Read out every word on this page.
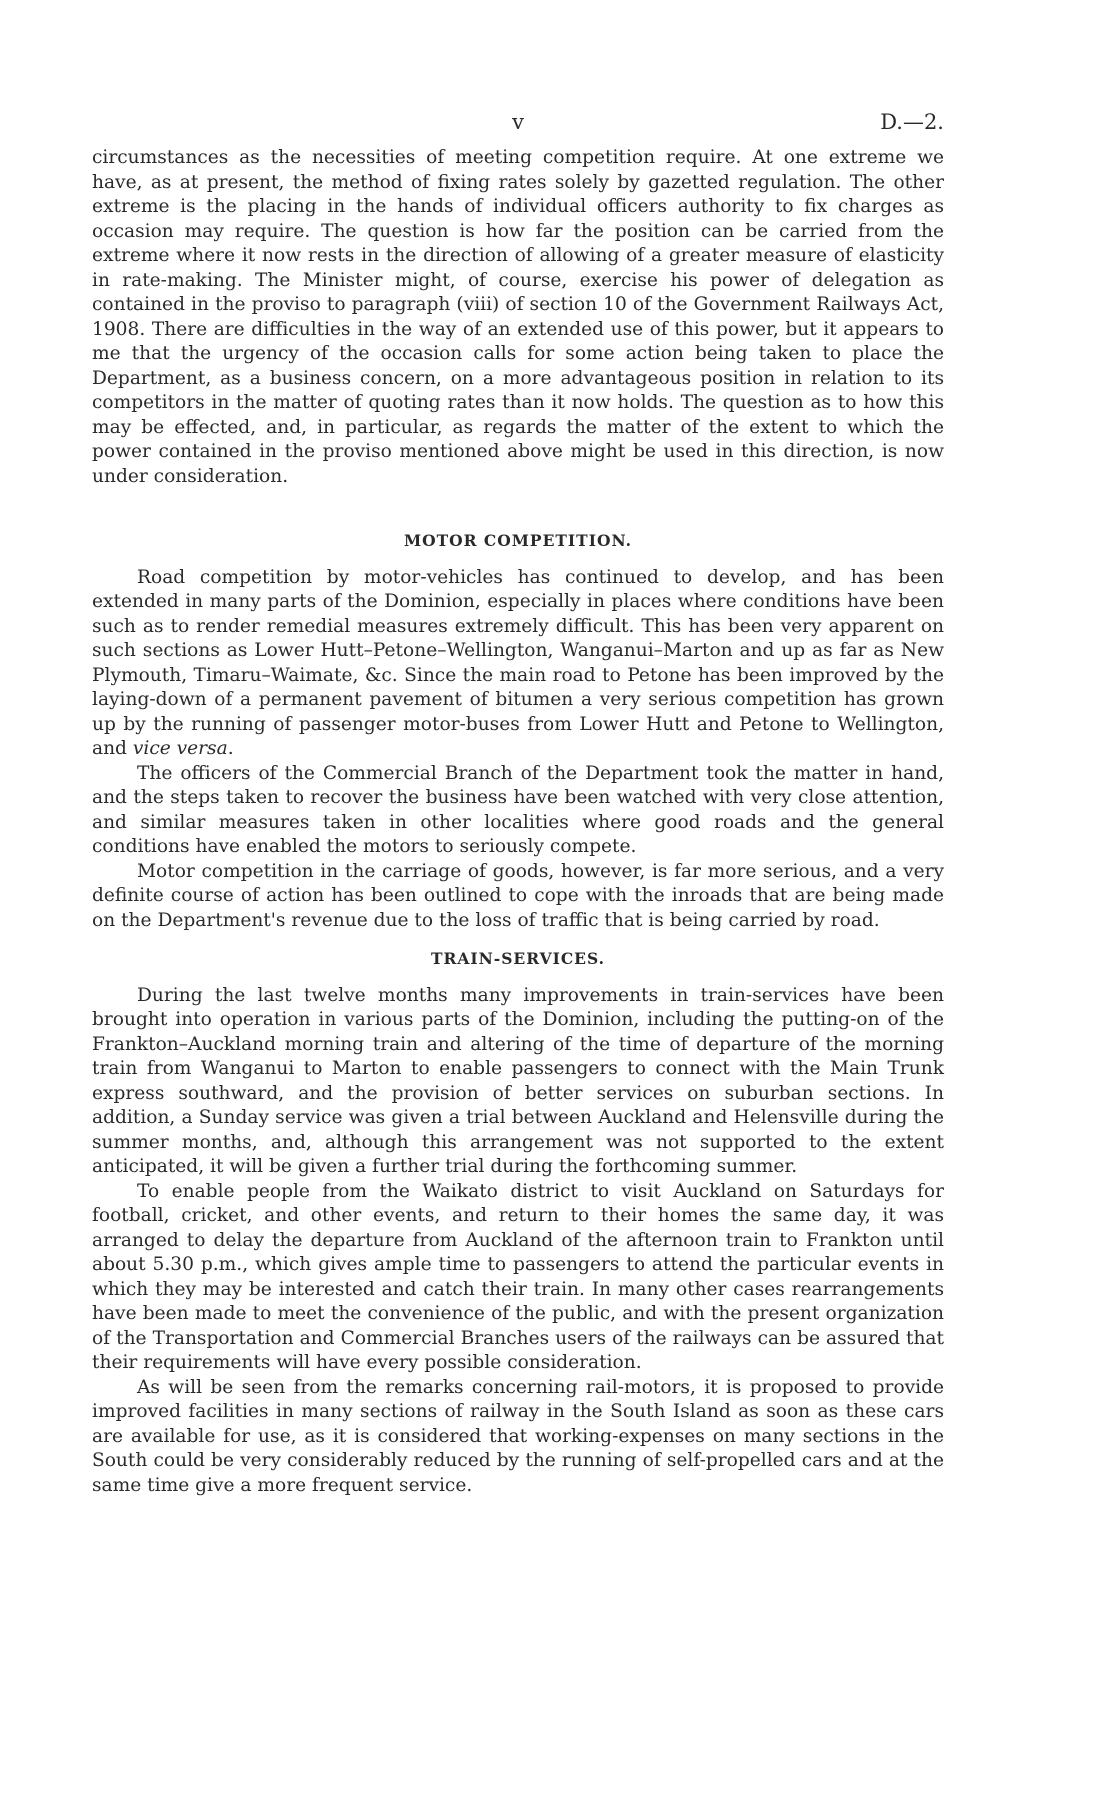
v	D.—2.

circumstances as the necessities of meeting competition require. At one extreme we have, as at present, the method of fixing rates solely by gazetted regulation. The other extreme is the placing in the hands of individual officers authority to fix charges as occasion may require. The question is how far the position can be carried from the extreme where it now rests in the direction of allowing of a greater measure of elasticity in rate-making. The Minister might, of course, exercise his power of delegation as contained in the proviso to paragraph (viii) of section 10 of the Government Railways Act, 1908. There are difficulties in the way of an extended use of this power, but it appears to me that the urgency of the occasion calls for some action being taken to place the Department, as a business concern, on a more advantageous position in relation to its competitors in the matter of quoting rates than it now holds. The question as to how this may be effected, and, in particular, as regards the matter of the extent to which the power contained in the proviso mentioned above might be used in this direction, is now under consideration.

MOTOR COMPETITION.

Road competition by motor-vehicles has continued to develop, and has been extended in many parts of the Dominion, especially in places where conditions have been such as to render remedial measures extremely difficult. This has been very apparent on such sections as Lower Hutt–Petone–Wellington, Wanganui–Marton and up as far as New Plymouth, Timaru–Waimate, &c. Since the main road to Petone has been improved by the laying-down of a permanent pavement of bitumen a very serious competition has grown up by the running of passenger motor-buses from Lower Hutt and Petone to Wellington, and vice versa.

The officers of the Commercial Branch of the Department took the matter in hand, and the steps taken to recover the business have been watched with very close attention, and similar measures taken in other localities where good roads and the general conditions have enabled the motors to seriously compete.

Motor competition in the carriage of goods, however, is far more serious, and a very definite course of action has been outlined to cope with the inroads that are being made on the Department's revenue due to the loss of traffic that is being carried by road.

TRAIN-SERVICES.

During the last twelve months many improvements in train-services have been brought into operation in various parts of the Dominion, including the putting-on of the Frankton–Auckland morning train and altering of the time of departure of the morning train from Wanganui to Marton to enable passengers to connect with the Main Trunk express southward, and the provision of better services on suburban sections. In addition, a Sunday service was given a trial between Auckland and Helensville during the summer months, and, although this arrangement was not supported to the extent anticipated, it will be given a further trial during the forthcoming summer.

To enable people from the Waikato district to visit Auckland on Saturdays for football, cricket, and other events, and return to their homes the same day, it was arranged to delay the departure from Auckland of the afternoon train to Frankton until about 5.30 p.m., which gives ample time to passengers to attend the particular events in which they may be interested and catch their train. In many other cases rearrangements have been made to meet the convenience of the public, and with the present organization of the Transportation and Commercial Branches users of the railways can be assured that their requirements will have every possible consideration.

As will be seen from the remarks concerning rail-motors, it is proposed to provide improved facilities in many sections of railway in the South Island as soon as these cars are available for use, as it is considered that working-expenses on many sections in the South could be very considerably reduced by the running of self-propelled cars and at the same time give a more frequent service.
